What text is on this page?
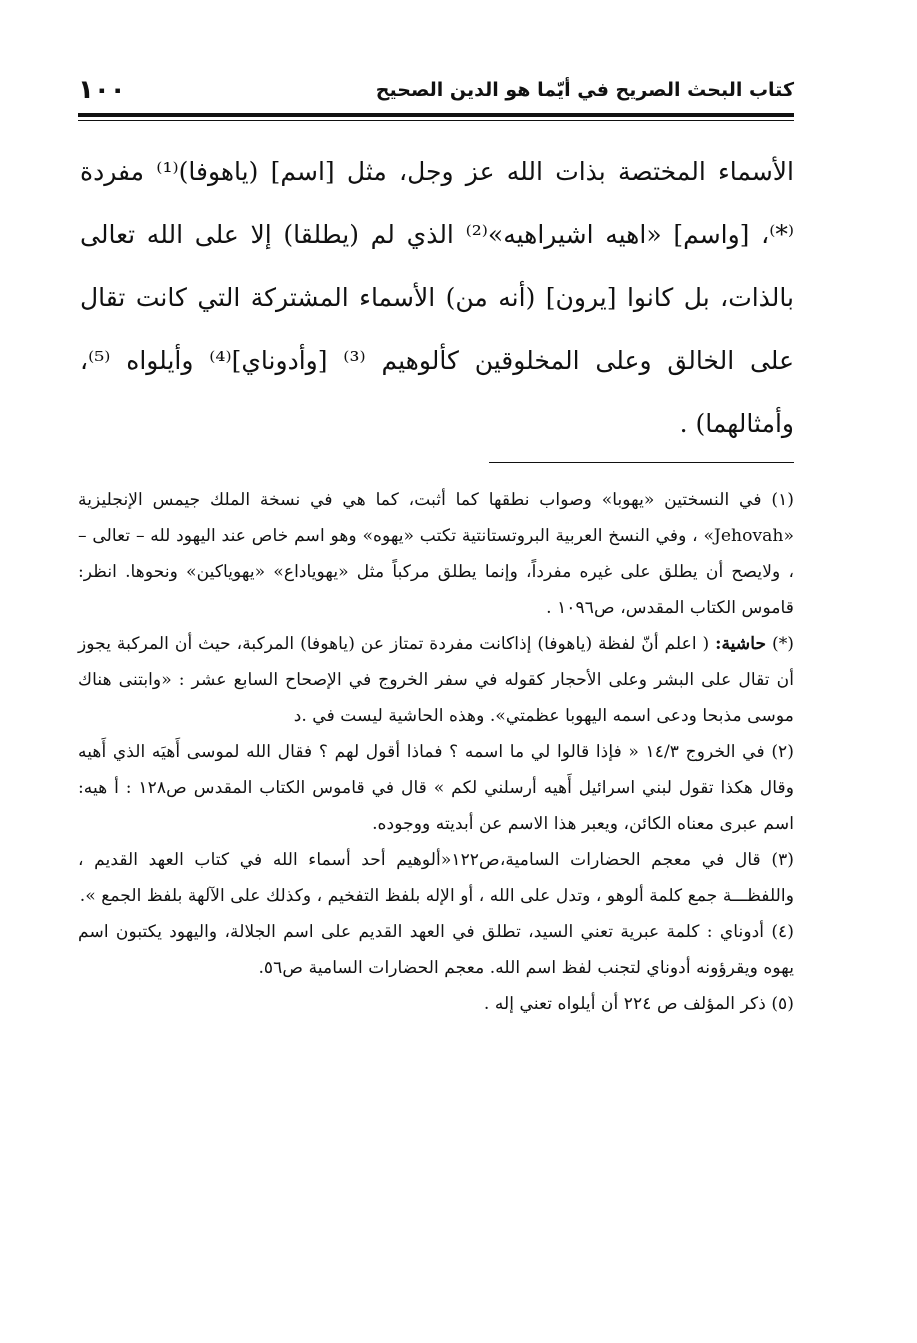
١٠٠	كتاب البحث الصريح في أيّما هو الدين الصحيح

الأسماء المختصة بذات الله عز وجل، مثل [اسم] (ياهوفا)⁽¹⁾ مفردة ⁽*⁾، [واسم] «اهيه اشيراهيه»⁽²⁾ الذي لم (يطلقا) إلا على الله تعالى بالذات، بل كانوا [يرون] (أنه من) الأسماء المشتركة التي كانت تقال على الخالق وعلى المخلوقين كألوهيم ⁽³⁾ [وأدوناي]⁽⁴⁾ وأيلواه ⁽⁵⁾، وأمثالهما) .

(١) في النسختين «يهوبا» وصواب نطقها كما أثبت، كما هي في نسخة الملك جيمس الإنجليزية «Jehovah» ، وفي النسخ العربية البروتستانتية تكتب «يهوه» وهو اسم خاص عند اليهود لله – تعالى – ، ولايصح أن يطلق على غيره مفرداً، وإنما يطلق مركباً مثل «يهوياداع» «يهوياكين» ونحوها. انظر: قاموس الكتاب المقدس، ص١٠٩٦ .

(*) حاشية: ( اعلم أنّ لفظة (ياهوفا) إذاكانت مفردة تمتاز عن (ياهوفا) المركبة، حيث أن المركبة يجوز أن تقال على البشر وعلى الأحجار كقوله في سفر الخروج في الإصحاح السابع عشر : «وابتنى هناك موسى مذبحا ودعى اسمه اليهوبا عظمتي». وهذه الحاشية ليست في .د

(٢) في الخروج ١٤/٣ « فإذا قالوا لي ما اسمه ؟ فماذا أقول لهم ؟ فقال الله لموسى أَهيَه الذي أَهيه وقال هكذا تقول لبني اسرائيل أَهيه أرسلني لكم » قال في قاموس الكتاب المقدس ص١٢٨ : أ هيه: اسم عبرى معناه الكائن، ويعبر هذا الاسم عن أبديته ووجوده.

(٣) قال في معجم الحضارات السامية،ص١٢٢«ألوهيم أحد أسماء الله في كتاب العهد القديم ، واللفظـــة جمع كلمة ألوهو ، وتدل على الله ، أو الإله بلفظ التفخيم ، وكذلك على الآلهة بلفظ الجمع ».

(٤) أدوناي : كلمة عبرية تعني السيد، تطلق في العهد القديم على اسم الجلالة، واليهود يكتبون اسم يهوه ويقرؤونه أدوناي لتجنب لفظ اسم الله. معجم الحضارات السامية ص٥٦.

(٥) ذكر المؤلف ص ٢٢٤ أن أيلواه تعني إله .
